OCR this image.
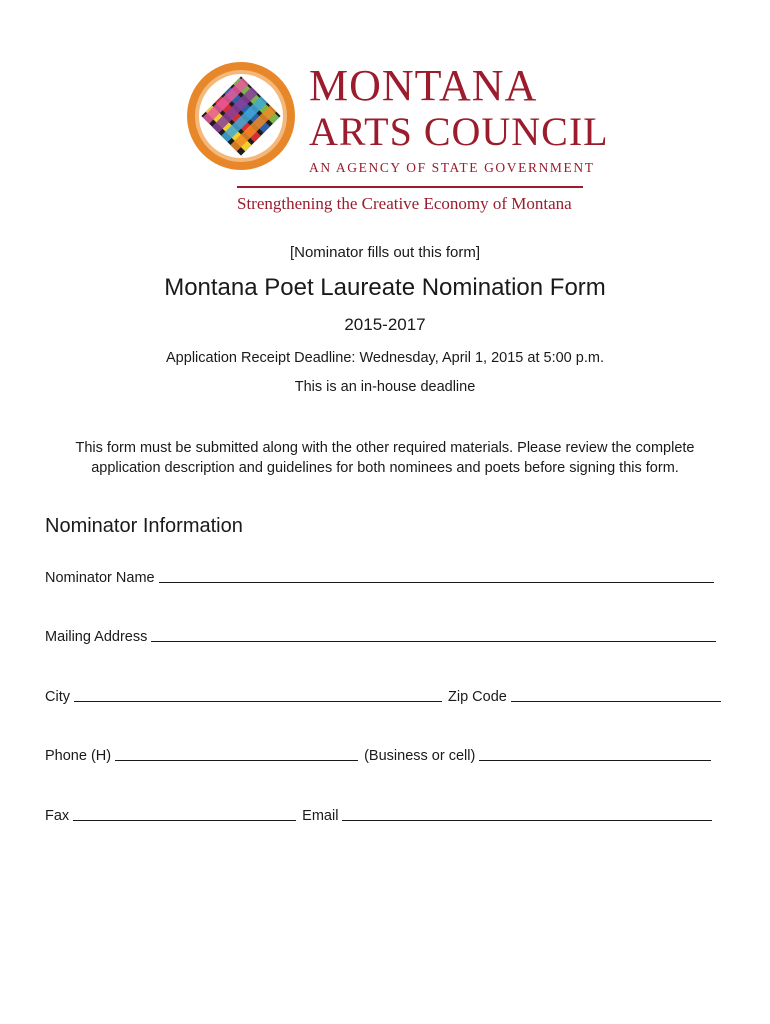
MONTANA
ARTS COUNCIL
AN AGENCY OF STATE GOVERNMENT
Strengthening the Creative Economy of Montana
[Nominator fills out this form]
Montana Poet Laureate Nomination Form
2015-2017
Application Receipt Deadline: Wednesday, April 1, 2015 at 5:00 p.m.
This is an in-house deadline
This form must be submitted along with the other required materials. Please review the complete application description and guidelines for both nominees and poets before signing this form.
Nominator Information
Nominator Name
Mailing Address
City	Zip Code
Phone (H)	(Business or cell)
Fax	Email
